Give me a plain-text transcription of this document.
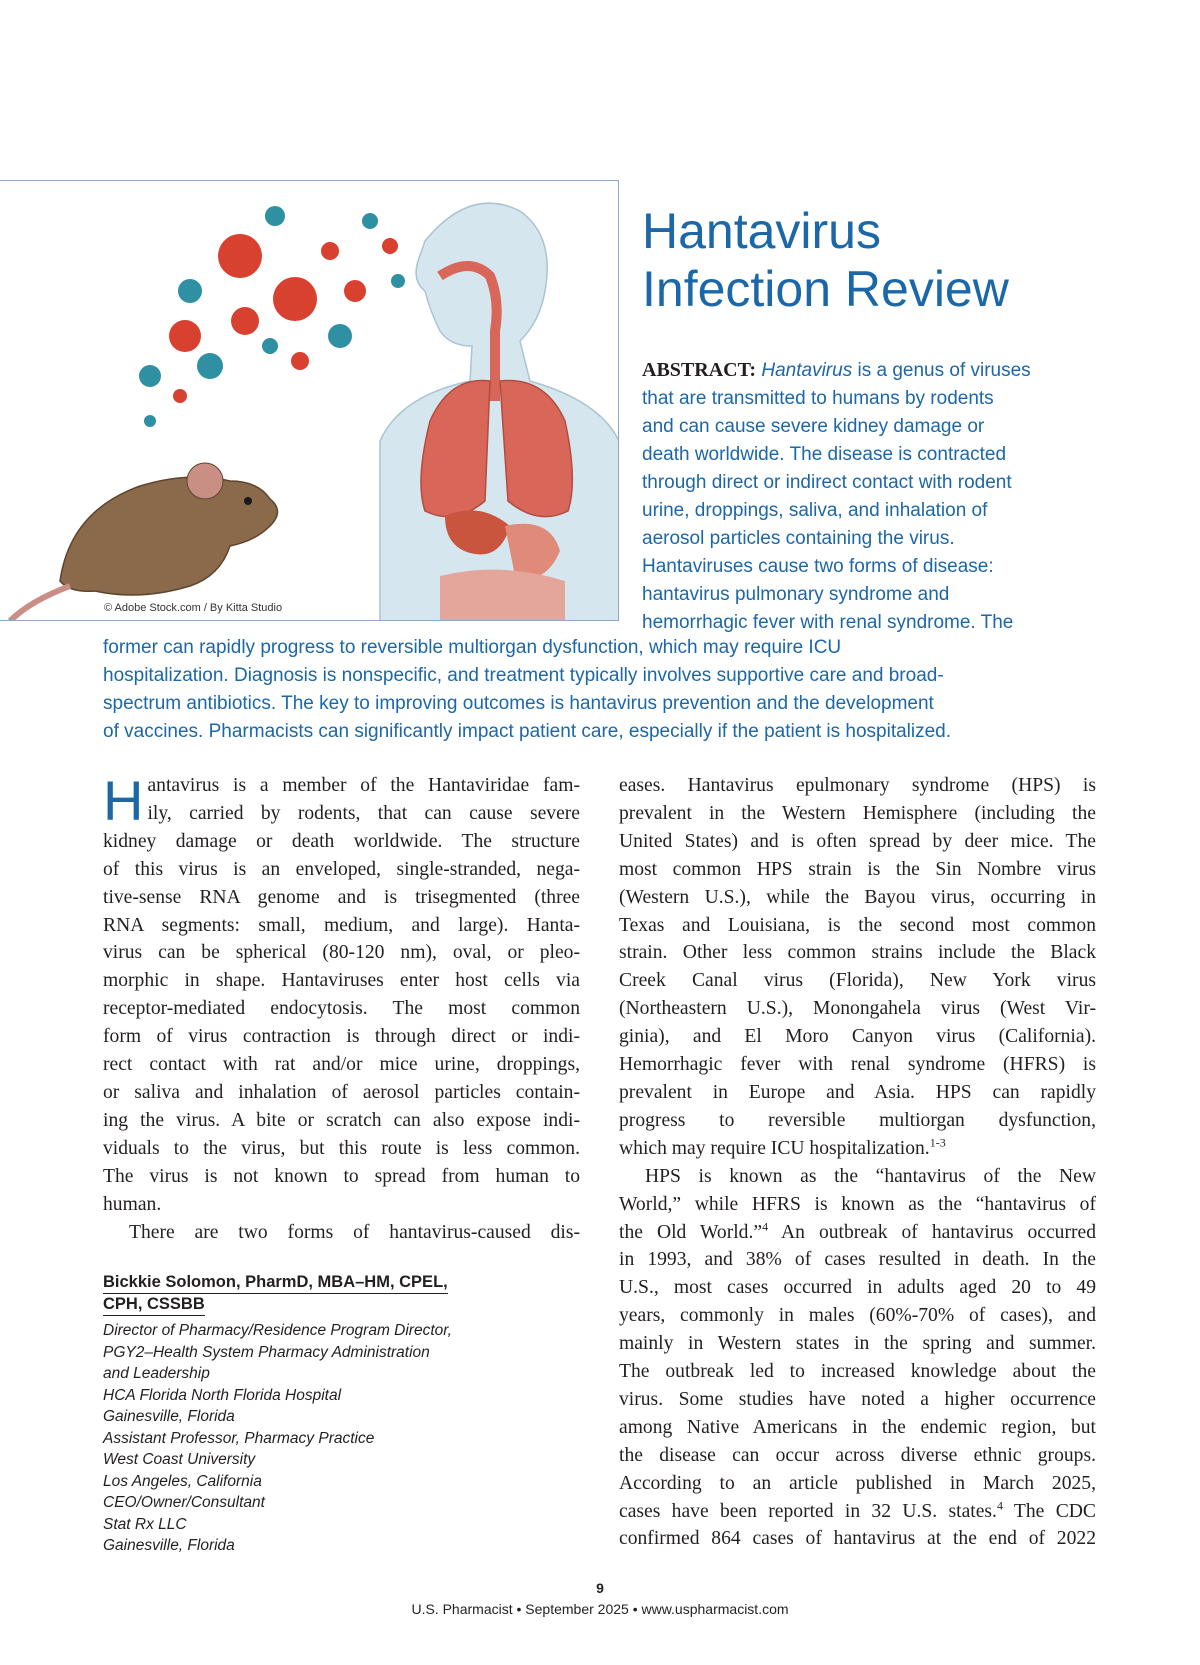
© Adobe Stock.com / By Kitta Studio
Hantavirus
Infection Review
ABSTRACT: Hantavirus is a genus of viruses
that are transmitted to humans by rodents
and can cause severe kidney damage or
death worldwide. The disease is contracted
through direct or indirect contact with rodent
urine, droppings, saliva, and inhalation of
aerosol particles containing the virus.
Hantaviruses cause two forms of disease:
hantavirus pulmonary syndrome and
hemorrhagic fever with renal syndrome. The
former can rapidly progress to reversible multiorgan dysfunction, which may require ICU
hospitalization. Diagnosis is nonspecific, and treatment typically involves supportive care and broad-
spectrum antibiotics. The key to improving outcomes is hantavirus prevention and the development
of vaccines. Pharmacists can significantly impact patient care, especially if the patient is hospitalized.
H antavirus is a member of the Hantaviridae fam-
ily, carried by rodents, that can cause severe
kidney damage or death worldwide. The structure
of this virus is an enveloped, single-stranded, nega-
tive-sense RNA genome and is trisegmented (three
RNA segments: small, medium, and large). Hanta-
virus can be spherical (80-120 nm), oval, or pleo-
morphic in shape. Hantaviruses enter host cells via
receptor-mediated endocytosis. The most common
form of virus contraction is through direct or indi-
rect contact with rat and/or mice urine, droppings,
or saliva and inhalation of aerosol particles contain-
ing the virus. A bite or scratch can also expose indi-
viduals to the virus, but this route is less common.
The virus is not known to spread from human to
human.
There are two forms of hantavirus-caused dis-
Bickkie Solomon, PharmD, MBA–HM, CPEL,
CPH, CSSBB
Director of Pharmacy/Residence Program Director,
PGY2–Health System Pharmacy Administration
and Leadership
HCA Florida North Florida Hospital
Gainesville, Florida
Assistant Professor, Pharmacy Practice
West Coast University
Los Angeles, California
CEO/Owner/Consultant
Stat Rx LLC
Gainesville, Florida
eases. Hantavirus epulmonary syndrome (HPS) is
prevalent in the Western Hemisphere (including the
United States) and is often spread by deer mice. The
most common HPS strain is the Sin Nombre virus
(Western U.S.), while the Bayou virus, occurring in
Texas and Louisiana, is the second most common
strain. Other less common strains include the Black
Creek Canal virus (Florida), New York virus
(Northeastern U.S.), Monongahela virus (West Vir-
ginia), and El Moro Canyon virus (California).
Hemorrhagic fever with renal syndrome (HFRS) is
prevalent in Europe and Asia. HPS can rapidly
progress to reversible multiorgan dysfunction,
which may require ICU hospitalization.$^{1-3}$
HPS is known as the “hantavirus of the New
World,” while HFRS is known as the “hantavirus of
the Old World.”$^4$ An outbreak of hantavirus occurred
in 1993, and 38% of cases resulted in death. In the
U.S., most cases occurred in adults aged 20 to 49
years, commonly in males (60%-70% of cases), and
mainly in Western states in the spring and summer.
The outbreak led to increased knowledge about the
virus. Some studies have noted a higher occurrence
among Native Americans in the endemic region, but
the disease can occur across diverse ethnic groups.
According to an article published in March 2025,
cases have been reported in 32 U.S. states.$^4$ The CDC
confirmed 864 cases of hantavirus at the end of 2022
9
U.S. Pharmacist • September 2025 • www.uspharmacist.com
